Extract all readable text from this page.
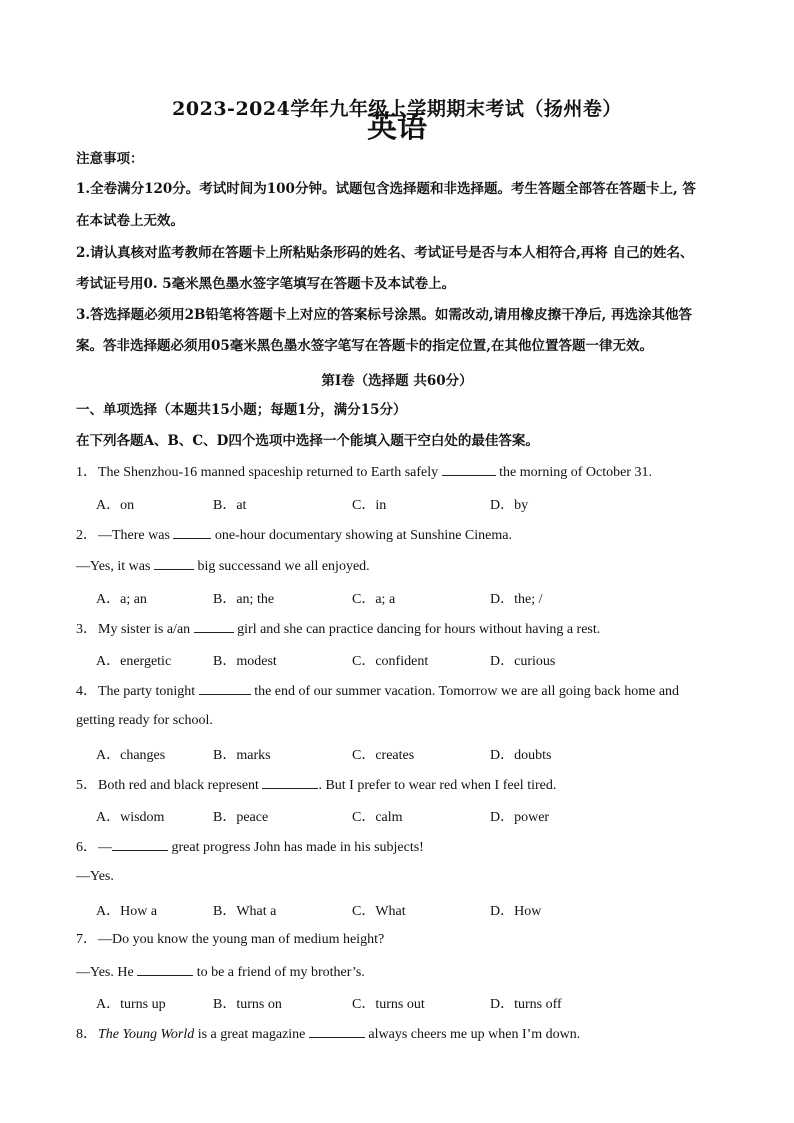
2023-2024学年九年级上学期期末考试（扬州卷）
英语
注意事项：
1.全卷满分120分。考试时间为100分钟。试题包含选择题和非选择题。考生答题全部答在答题卡上, 答
在本试卷上无效。
2.请认真核对监考教师在答题卡上所粘贴条形码的姓名、考试证号是否与本人相符合,再将 自己的姓名、
考试证号用0. 5毫米黑色墨水签字笔填写在答题卡及本试卷上。
3.答选择题必须用2B铅笔将答题卡上对应的答案标号涂黑。如需改动,请用橡皮擦干净后, 再选涂其他答
案。答非选择题必须用05毫米黑色墨水签字笔写在答题卡的指定位置,在其他位置答题一律无效。
第I卷（选择题 共60分）
一、单项选择（本题共15小题；每题1分，满分15分）
在下列各题A、B、C、D四个选项中选择一个能填入题干空白处的最佳答案。
1．The Shenzhou-16 manned spaceship returned to Earth safely	the morning of October 31.
A．on	B．at	C．in	D．by
2．—There was	one-hour documentary showing at Sunshine Cinema.
—Yes, it was	big successand we all enjoyed.
A．a; an	B．an; the	C．a; a	D．the; /
3．My sister is a/an	girl and she can practice dancing for hours without having a rest.
A．energetic	B．modest	C．confident	D．curious
4．The party tonight	the end of our summer vacation. Tomorrow we are all going back home and
getting ready for school.
A．changes	B．marks	C．creates	D．doubts
5．Both red and black represent	. But I prefer to wear red when I feel tired.
A．wisdom	B．peace	C．calm	D．power
6．—	great progress John has made in his subjects!
—Yes.
A．How a	B．What a	C．What	D．How
7．—Do you know the young man of medium height?
—Yes. He	to be a friend of my brother’s.
A．turns up	B．turns on	C．turns out	D．turns off
8．The Young World is a great magazine	always cheers me up when I’m down.
